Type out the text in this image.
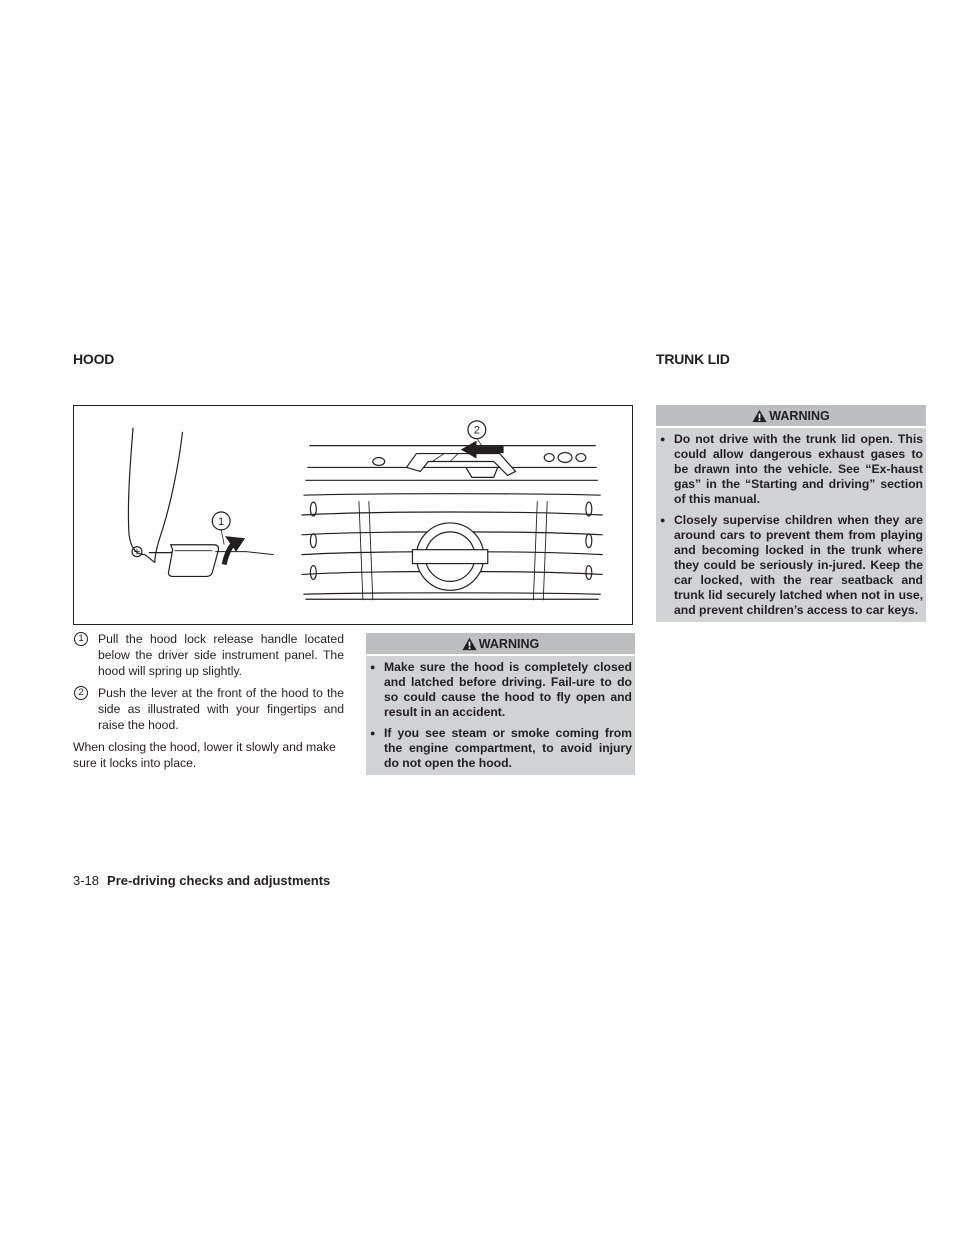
HOOD	TRUNK LID
1
2
1	Pull the hood lock release handle located below the driver side instrument panel. The hood will spring up slightly.
2	Push the lever at the front of the hood to the side as illustrated with your fingertips and raise the hood.
When closing the hood, lower it slowly and make sure it locks into place.
WARNING
● Make sure the hood is completely closed and latched before driving. Fail-ure to do so could cause the hood to fly open and result in an accident.
● If you see steam or smoke coming from the engine compartment, to avoid injury do not open the hood.
WARNING
● Do not drive with the trunk lid open. This could allow dangerous exhaust gases to be drawn into the vehicle. See “Ex-haust gas” in the “Starting and driving” section of this manual.
● Closely supervise children when they are around cars to prevent them from playing and becoming locked in the trunk where they could be seriously in-jured. Keep the car locked, with the rear seatback and trunk lid securely latched when not in use, and prevent children’s access to car keys.
3-18 Pre-driving checks and adjustments
